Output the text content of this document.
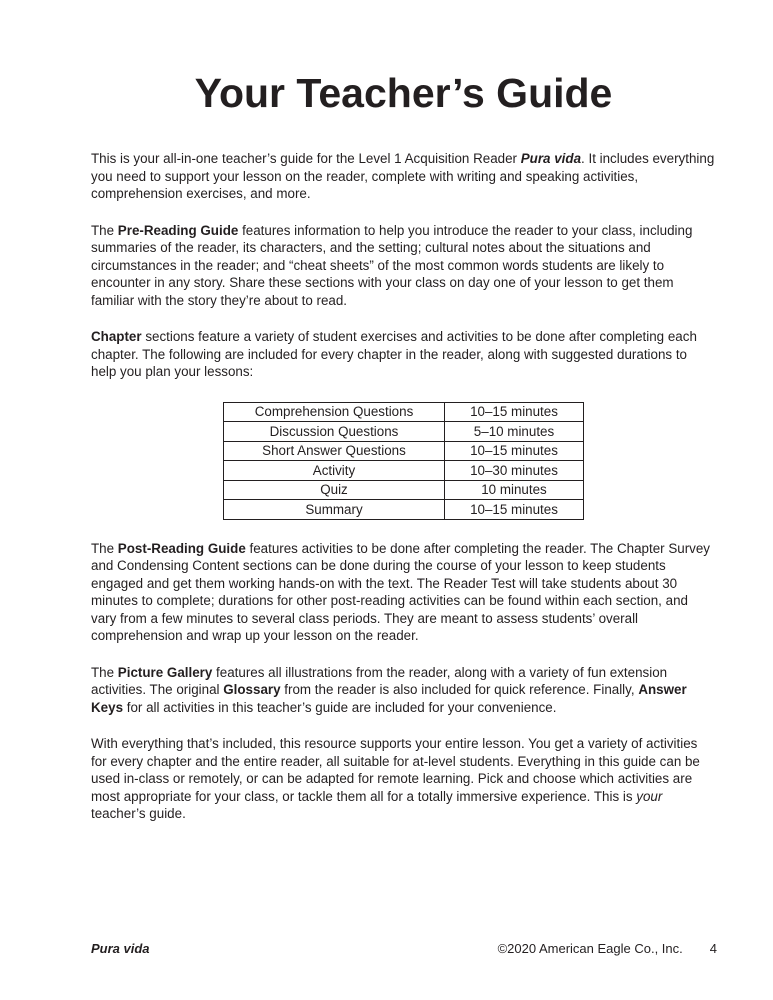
Your Teacher’s Guide

This is your all-in-one teacher’s guide for the Level 1 Acquisition Reader Pura vida. It includes everything you need to support your lesson on the reader, complete with writing and speaking activities, comprehension exercises, and more.

The Pre-Reading Guide features information to help you introduce the reader to your class, including summaries of the reader, its characters, and the setting; cultural notes about the situations and circumstances in the reader; and “cheat sheets” of the most common words students are likely to encounter in any story. Share these sections with your class on day one of your lesson to get them familiar with the story they’re about to read.

Chapter sections feature a variety of student exercises and activities to be done after completing each chapter. The following are included for every chapter in the reader, along with suggested durations to help you plan your lessons:

Comprehension Questions	10–15 minutes
Discussion Questions	5–10 minutes
Short Answer Questions	10–15 minutes
Activity	10–30 minutes
Quiz	10 minutes
Summary	10–15 minutes

The Post-Reading Guide features activities to be done after completing the reader. The Chapter Survey and Condensing Content sections can be done during the course of your lesson to keep students engaged and get them working hands-on with the text. The Reader Test will take students about 30 minutes to complete; durations for other post-reading activities can be found within each section, and vary from a few minutes to several class periods. They are meant to assess students’ overall comprehension and wrap up your lesson on the reader.

The Picture Gallery features all illustrations from the reader, along with a variety of fun extension activities. The original Glossary from the reader is also included for quick reference. Finally, Answer Keys for all activities in this teacher’s guide are included for your convenience.

With everything that’s included, this resource supports your entire lesson. You get a variety of activities for every chapter and the entire reader, all suitable for at-level students. Everything in this guide can be used in-class or remotely, or can be adapted for remote learning. Pick and choose which activities are most appropriate for your class, or tackle them all for a totally immersive experience. This is your teacher’s guide.

Pura vida	©2020 American Eagle Co., Inc. 4
